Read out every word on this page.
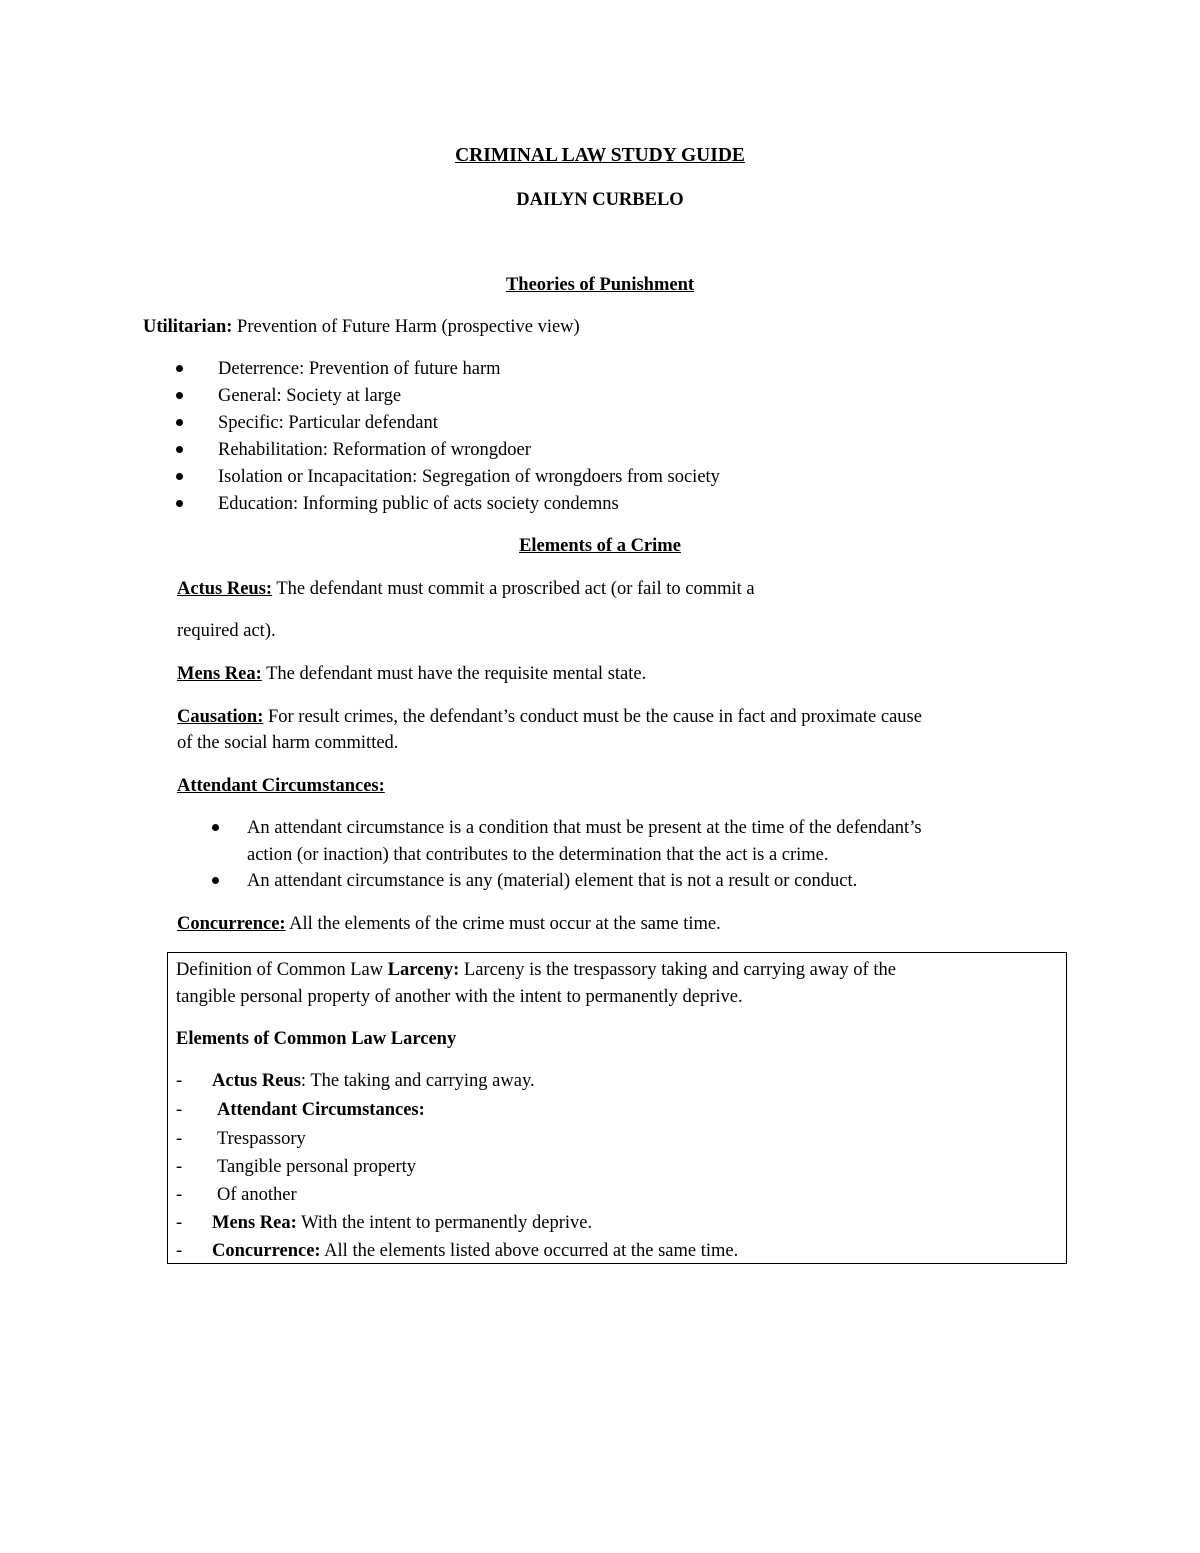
CRIMINAL LAW STUDY GUIDE
DAILYN CURBELO
Theories of Punishment
Utilitarian: Prevention of Future Harm (prospective view)
Deterrence: Prevention of future harm
General: Society at large
Specific: Particular defendant
Rehabilitation: Reformation of wrongdoer
Isolation or Incapacitation: Segregation of wrongdoers from society
Education: Informing public of acts society condemns
Elements of a Crime
Actus Reus: The defendant must commit a proscribed act (or fail to commit a
required act).
Mens Rea: The defendant must have the requisite mental state.
Causation: For result crimes, the defendant’s conduct must be the cause in fact and proximate cause
of the social harm committed.
Attendant Circumstances:
An attendant circumstance is a condition that must be present at the time of the defendant’s
action (or inaction) that contributes to the determination that the act is a crime.
An attendant circumstance is any (material) element that is not a result or conduct.
Concurrence: All the elements of the crime must occur at the same time.
Definition of Common Law Larceny: Larceny is the trespassory taking and carrying away of the
tangible personal property of another with the intent to permanently deprive.
Elements of Common Law Larceny
- Actus Reus: The taking and carrying away.
- Attendant Circumstances:
- Trespassory
- Tangible personal property
- Of another
- Mens Rea: With the intent to permanently deprive.
- Concurrence: All the elements listed above occurred at the same time.
